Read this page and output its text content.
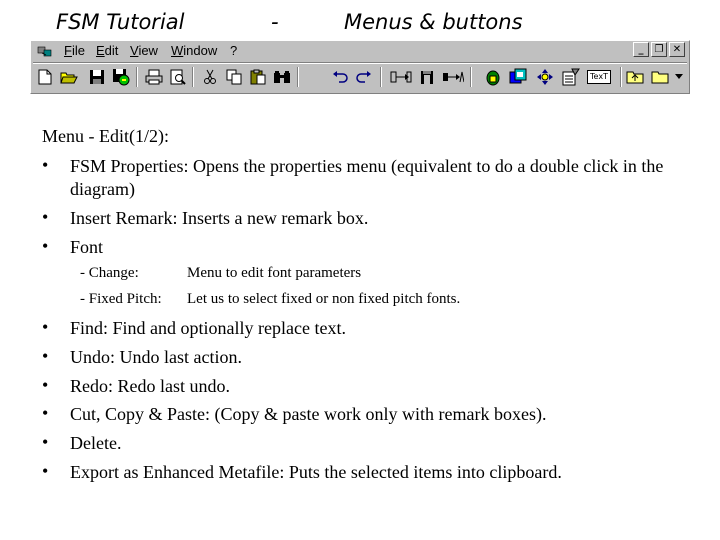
FSM Tutorial	-	Menus & buttons
File Edit View Window ?	_	❐ ✕
TexT
Menu - Edit(1/2):
• FSM Properties: Opens the properties menu (equivalent to do a double click in the diagram)
• Insert Remark: Inserts a new remark box.
• Font
- Change:	Menu to edit font parameters
- Fixed Pitch: Let us to select fixed or non fixed pitch fonts.
• Find: Find and optionally replace text.
• Undo: Undo last action.
• Redo: Redo last undo.
• Cut, Copy & Paste: (Copy & paste work only with remark boxes).
• Delete.
• Export as Enhanced Metafile: Puts the selected items into clipboard.
